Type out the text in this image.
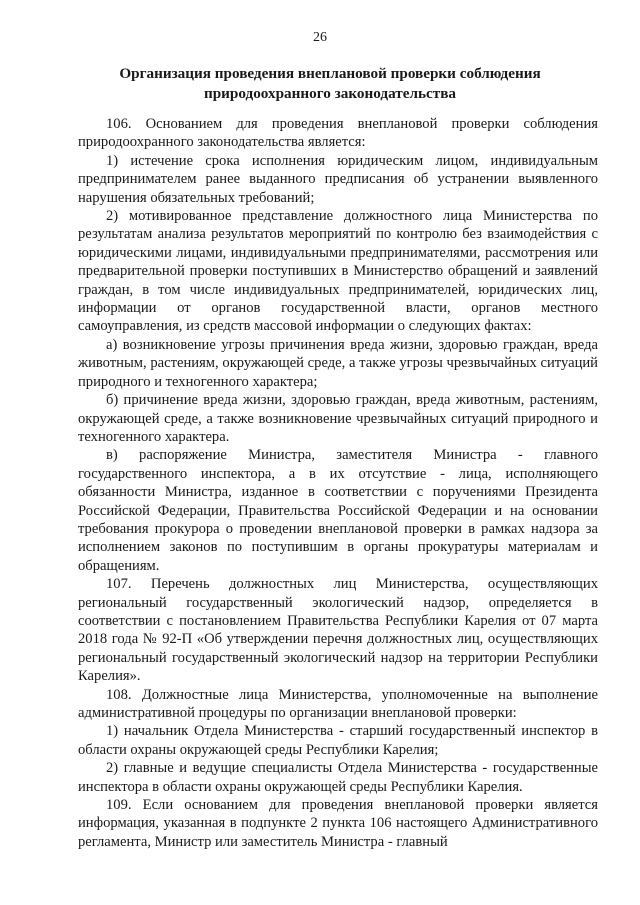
26
Организация проведения внеплановой проверки соблюдения
природоохранного законодательства

106. Основанием для проведения внеплановой проверки соблюдения природоохранного законодательства является:

1) истечение срока исполнения юридическим лицом, индивидуальным предпринимателем ранее выданного предписания об устранении выявленного нарушения обязательных требований;

2) мотивированное представление должностного лица Министерства по результатам анализа результатов мероприятий по контролю без взаимодействия с юридическими лицами, индивидуальными предпринимателями, рассмотрения или предварительной проверки поступивших в Министерство обращений и заявлений граждан, в том числе индивидуальных предпринимателей, юридических лиц, информации от органов государственной власти, органов местного самоуправления, из средств массовой информации о следующих фактах:

а) возникновение угрозы причинения вреда жизни, здоровью граждан, вреда животным, растениям, окружающей среде, а также угрозы чрезвычайных ситуаций природного и техногенного характера;

б) причинение вреда жизни, здоровью граждан, вреда животным, растениям, окружающей среде, а также возникновение чрезвычайных ситуаций природного и техногенного характера.

в) распоряжение Министра, заместителя Министра - главного государственного инспектора, а в их отсутствие - лица, исполняющего обязанности Министра, изданное в соответствии с поручениями Президента Российской Федерации, Правительства Российской Федерации и на основании требования прокурора о проведении внеплановой проверки в рамках надзора за исполнением законов по поступившим в органы прокуратуры материалам и обращениям.

107. Перечень должностных лиц Министерства, осуществляющих региональный государственный экологический надзор, определяется в соответствии с постановлением Правительства Республики Карелия от 07 марта 2018 года № 92-П «Об утверждении перечня должностных лиц, осуществляющих региональный государственный экологический надзор на территории Республики Карелия».

108. Должностные лица Министерства, уполномоченные на выполнение административной процедуры по организации внеплановой проверки:

1) начальник Отдела Министерства - старший государственный инспектор в области охраны окружающей среды Республики Карелия;

2) главные и ведущие специалисты Отдела Министерства - государственные инспектора в области охраны окружающей среды Республики Карелия.

109. Если основанием для проведения внеплановой проверки является информация, указанная в подпункте 2 пункта 106 настоящего Административного регламента, Министр или заместитель Министра - главный
